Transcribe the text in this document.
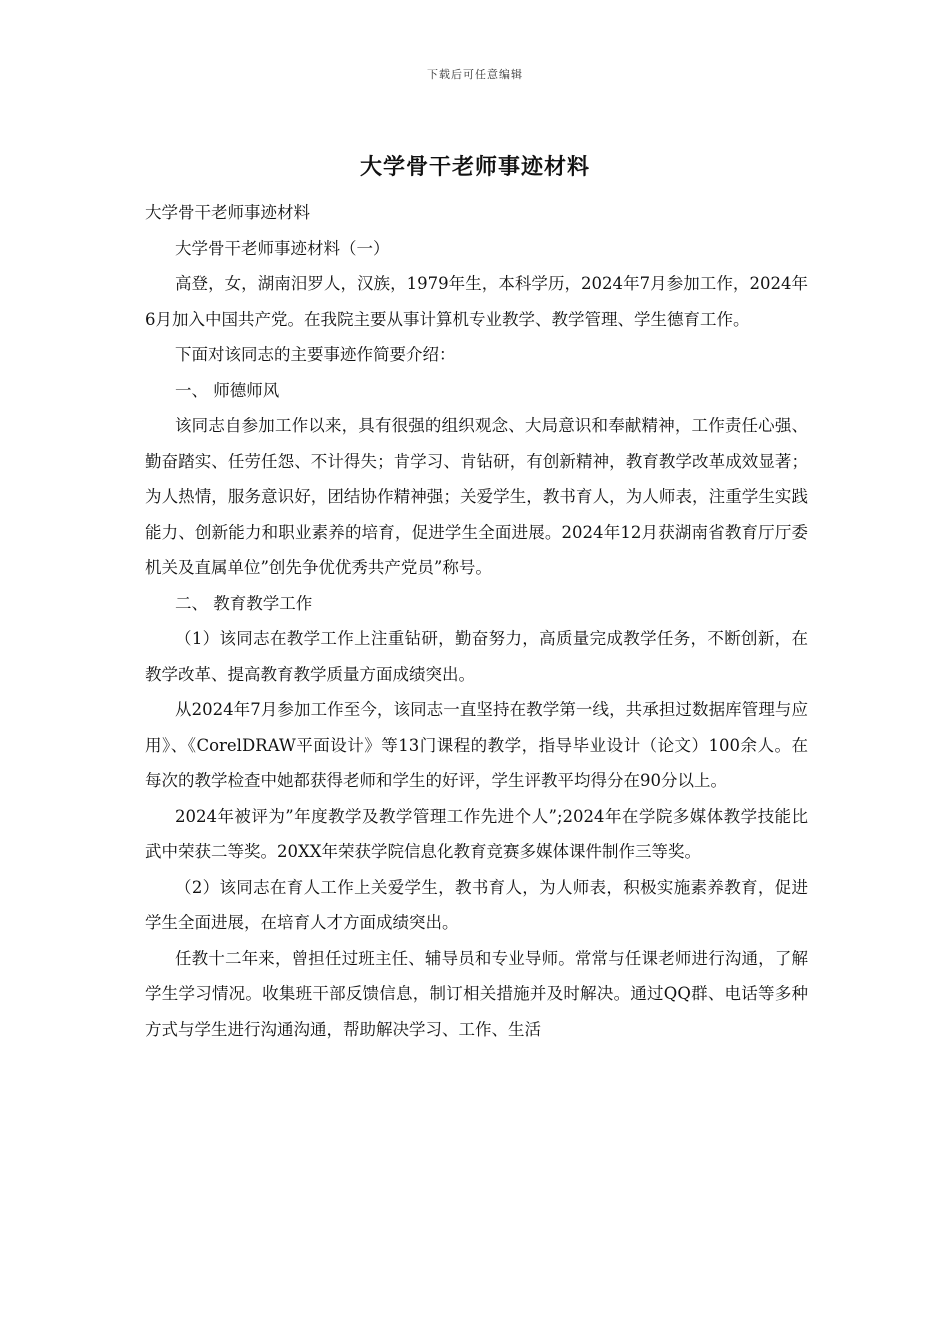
下载后可任意编辑
大学骨干老师事迹材料

大学骨干老师事迹材料

大学骨干老师事迹材料（一）

高登，女，湖南汨罗人，汉族，1979年生，本科学历，2024年7月参加工作，2024年6月加入中国共产党。在我院主要从事计算机专业教学、教学管理、学生德育工作。

下面对该同志的主要事迹作简要介绍：

一、 师德师风

该同志自参加工作以来，具有很强的组织观念、大局意识和奉献精神，工作责任心强、勤奋踏实、任劳任怨、不计得失；肯学习、肯钻研，有创新精神，教育教学改革成效显著；为人热情，服务意识好，团结协作精神强；关爱学生，教书育人，为人师表，注重学生实践能力、创新能力和职业素养的培育，促进学生全面进展。2024年12月获湖南省教育厅厅委机关及直属单位”创先争优优秀共产党员”称号。

二、 教育教学工作

（1）该同志在教学工作上注重钻研，勤奋努力，高质量完成教学任务，不断创新，在教学改革、提高教育教学质量方面成绩突出。

从2024年7月参加工作至今，该同志一直坚持在教学第一线，共承担过数据库管理与应用》、《CorelDRAW平面设计》等13门课程的教学，指导毕业设计（论文）100余人。在每次的教学检查中她都获得老师和学生的好评，学生评教平均得分在90分以上。

2024年被评为”年度教学及教学管理工作先进个人”;2024年在学院多媒体教学技能比武中荣获二等奖。20XX年荣获学院信息化教育竞赛多媒体课件制作三等奖。

（2）该同志在育人工作上关爱学生，教书育人，为人师表，积极实施素养教育，促进学生全面进展，在培育人才方面成绩突出。

任教十二年来，曾担任过班主任、辅导员和专业导师。常常与任课老师进行沟通，了解学生学习情况。收集班干部反馈信息，制订相关措施并及时解决。通过QQ群、电话等多种方式与学生进行沟通沟通，帮助解决学习、工作、生活
